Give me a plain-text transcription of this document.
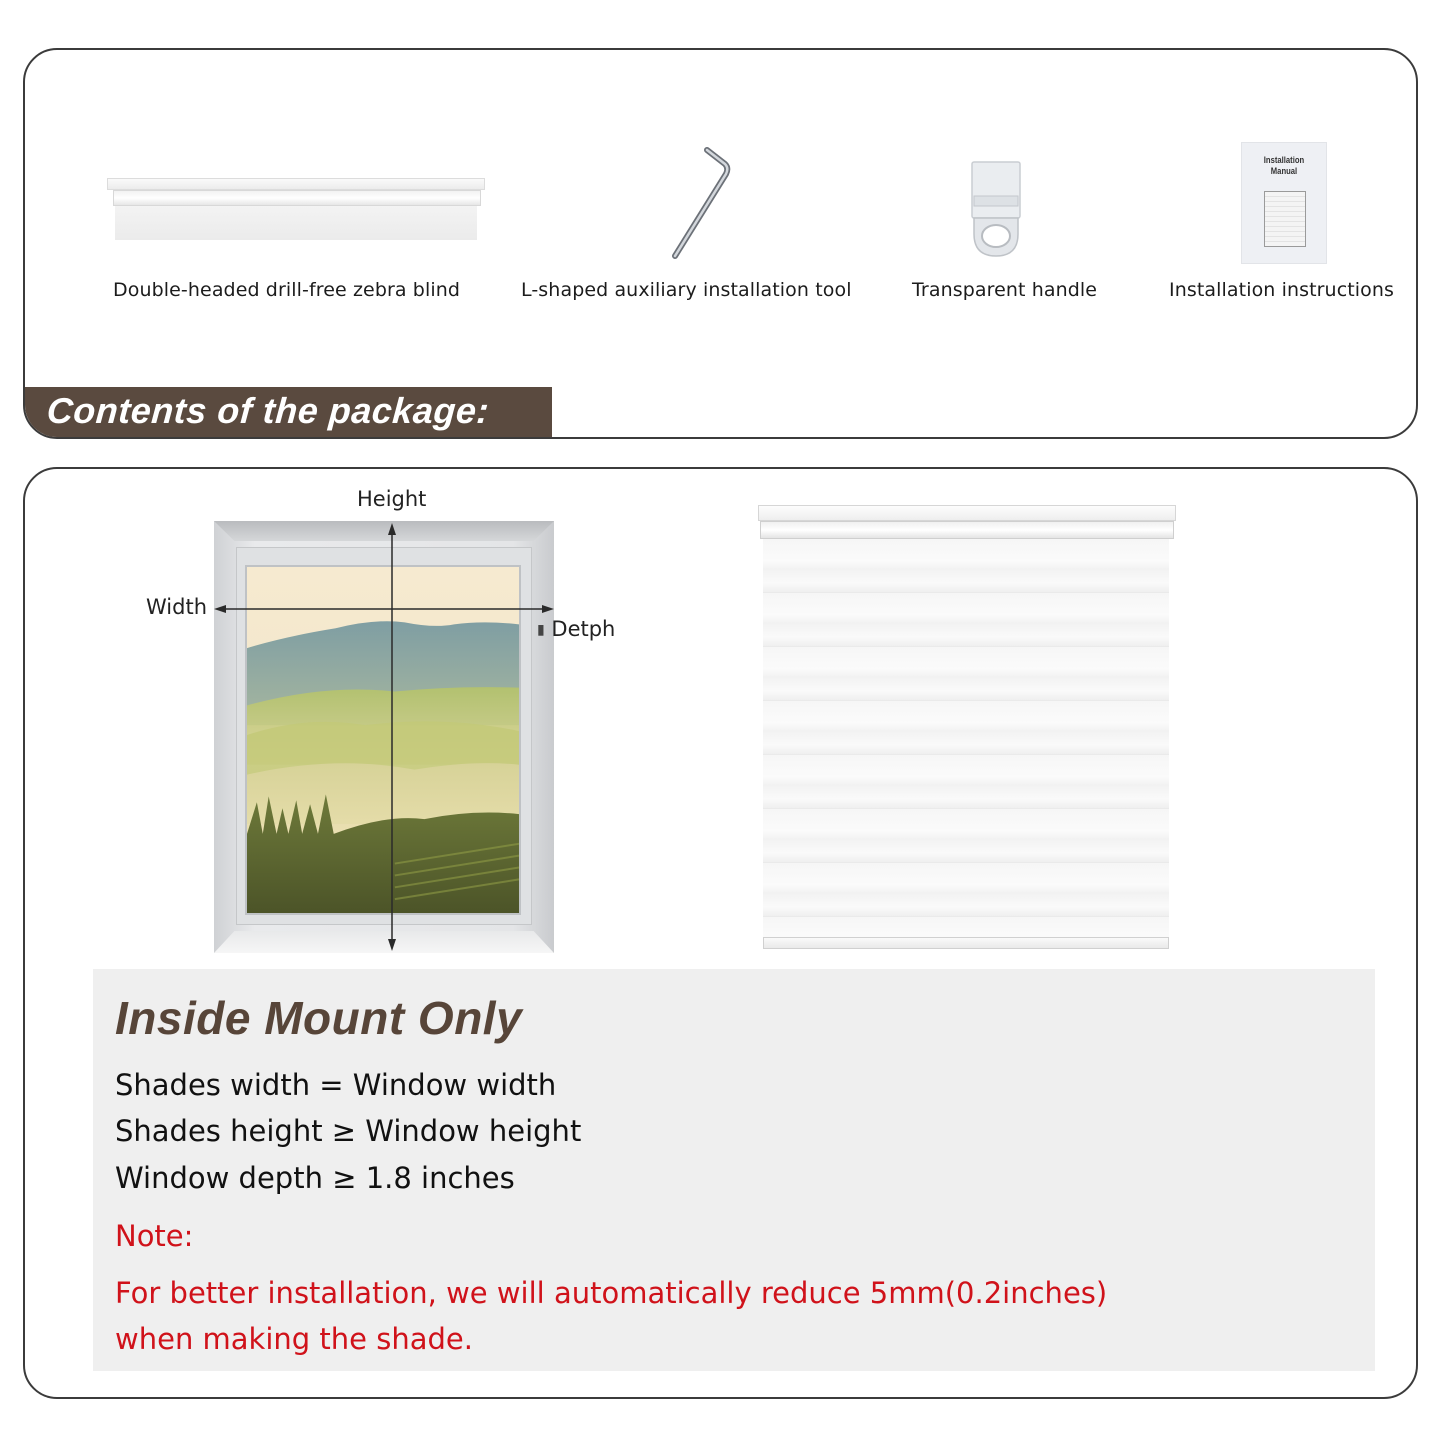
Double-headed drill-free zebra blind	L-shaped auxiliary installation tool	Transparent handle
Installation
Manual
Installation instructions
Contents of the package:
Height
Width
▮ Detph
Inside Mount Only
Shades width = Window width
Shades height ≥ Window height
Window depth ≥ 1.8 inches
Note:
For better installation, we will automatically reduce 5mm(0.2inches)
when making the shade.
